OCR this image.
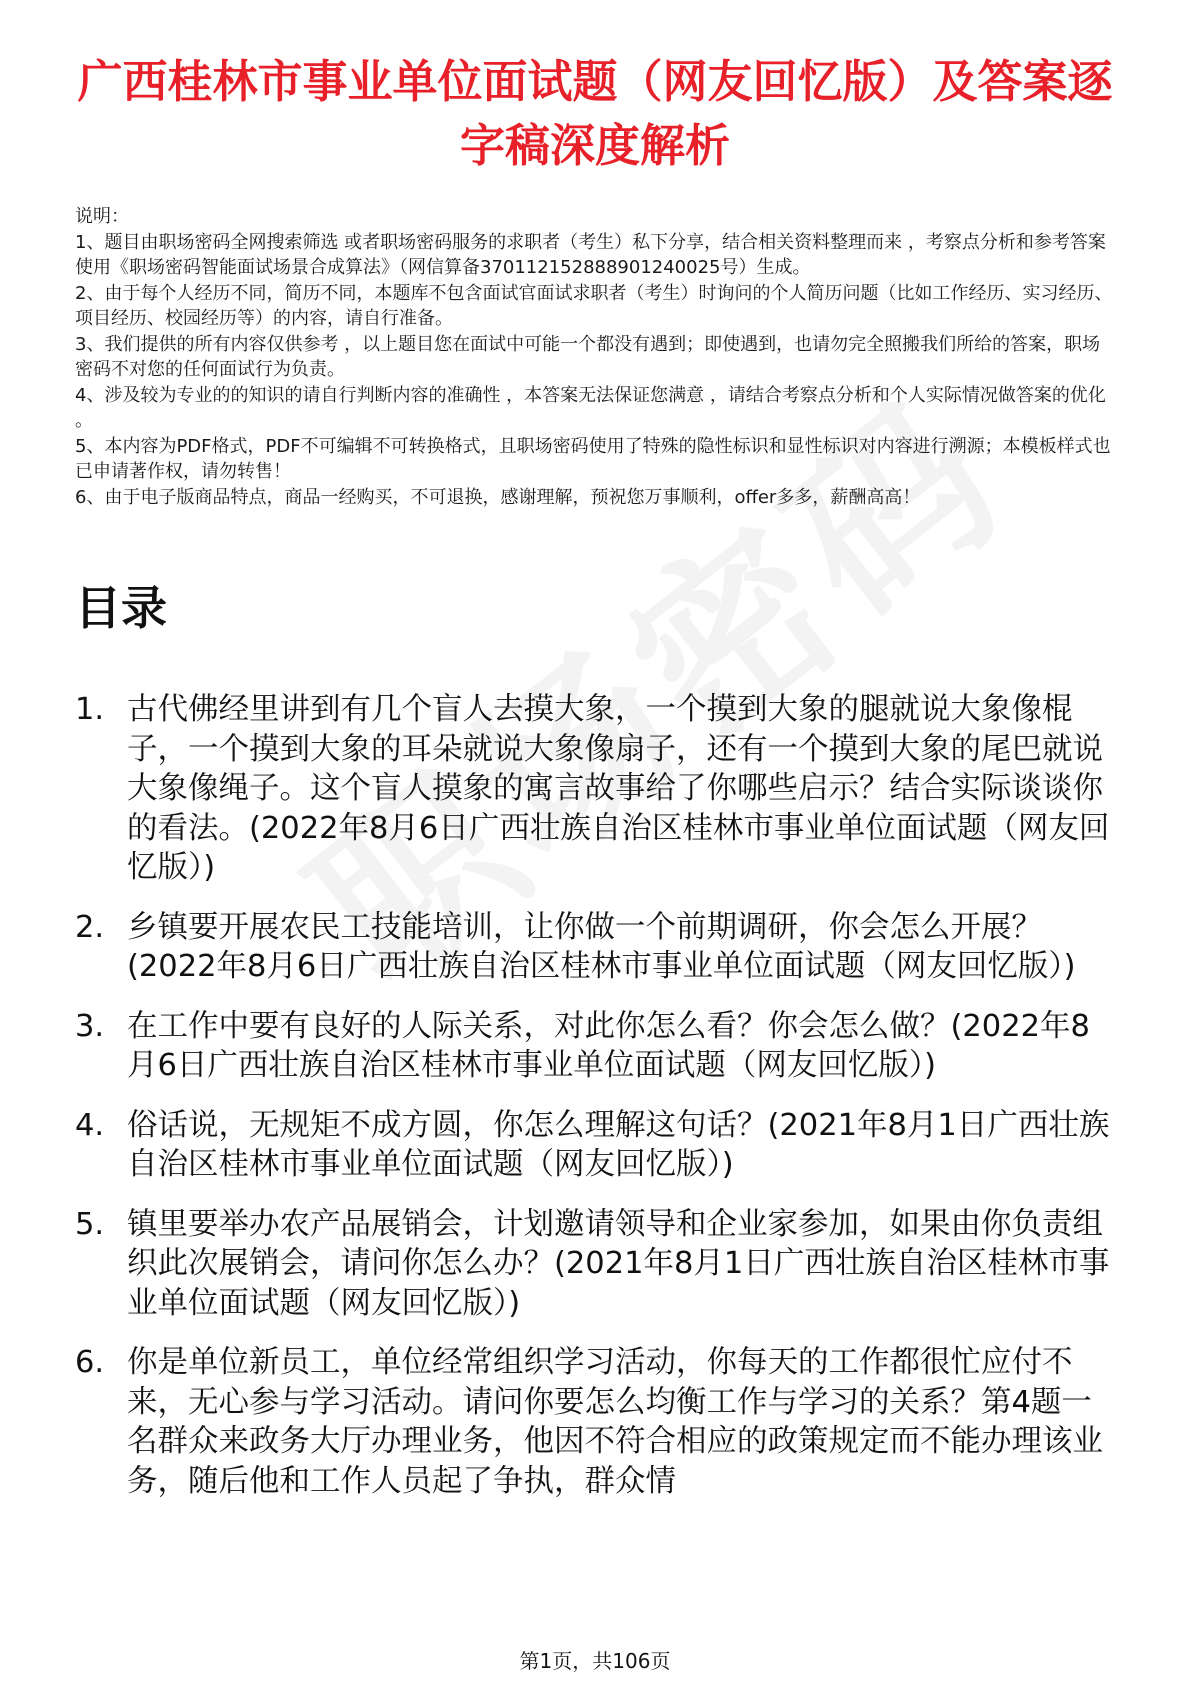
广西桂林市事业单位面试题（网友回忆版）及答案逐字稿深度解析

说明：

1、题目由职场密码全网搜索筛选 或者职场密码服务的求职者（考生）私下分享，结合相关资料整理而来 ，考察点分析和参考答案使用《职场密码智能面试场景合成算法》（网信算备370112152888901240025号）生成。

2、由于每个人经历不同，简历不同，本题库不包含面试官面试求职者（考生）时询问的个人简历问题（比如工作经历、实习经历、项目经历、校园经历等）的内容，请自行准备。

3、我们提供的所有内容仅供参考 ，以上题目您在面试中可能一个都没有遇到；即使遇到，也请勿完全照搬我们所给的答案，职场密码不对您的任何面试行为负责。

4、涉及较为专业的的知识的请自行判断内容的准确性 ，本答案无法保证您满意 ，请结合考察点分析和个人实际情况做答案的优化 。

5、本内容为PDF格式，PDF不可编辑不可转换格式，且职场密码使用了特殊的隐性标识和显性标识对内容进行溯源；本模板样式也已申请著作权，请勿转售！

6、由于电子版商品特点，商品一经购买，不可退换，感谢理解，预祝您万事顺利，offer多多，薪酬高高！

目录
1. 古代佛经里讲到有几个盲人去摸大象，一个摸到大象的腿就说大象像棍子，一个摸到大象的耳朵就说大象像扇子，还有一个摸到大象的尾巴就说大象像绳子。这个盲人摸象的寓言故事给了你哪些启示？结合实际谈谈你的看法。(2022年8月6日广西壮族自治区桂林市事业单位面试题（网友回忆版）)
2. 乡镇要开展农民工技能培训，让你做一个前期调研，你会怎么开展？(2022年8月6日广西壮族自治区桂林市事业单位面试题（网友回忆版）)
3. 在工作中要有良好的人际关系，对此你怎么看？你会怎么做？(2022年8月6日广西壮族自治区桂林市事业单位面试题（网友回忆版）)
4. 俗话说，无规矩不成方圆，你怎么理解这句话？(2021年8月1日广西壮族自治区桂林市事业单位面试题（网友回忆版）)
5. 镇里要举办农产品展销会，计划邀请领导和企业家参加，如果由你负责组织此次展销会，请问你怎么办？(2021年8月1日广西壮族自治区桂林市事业单位面试题（网友回忆版）)
6. 你是单位新员工，单位经常组织学习活动，你每天的工作都很忙应付不来，无心参与学习活动。请问你要怎么均衡工作与学习的关系？第4题一名群众来政务大厅办理业务，他因不符合相应的政策规定而不能办理该业务，随后他和工作人员起了争执，群众情
第1页，共106页
